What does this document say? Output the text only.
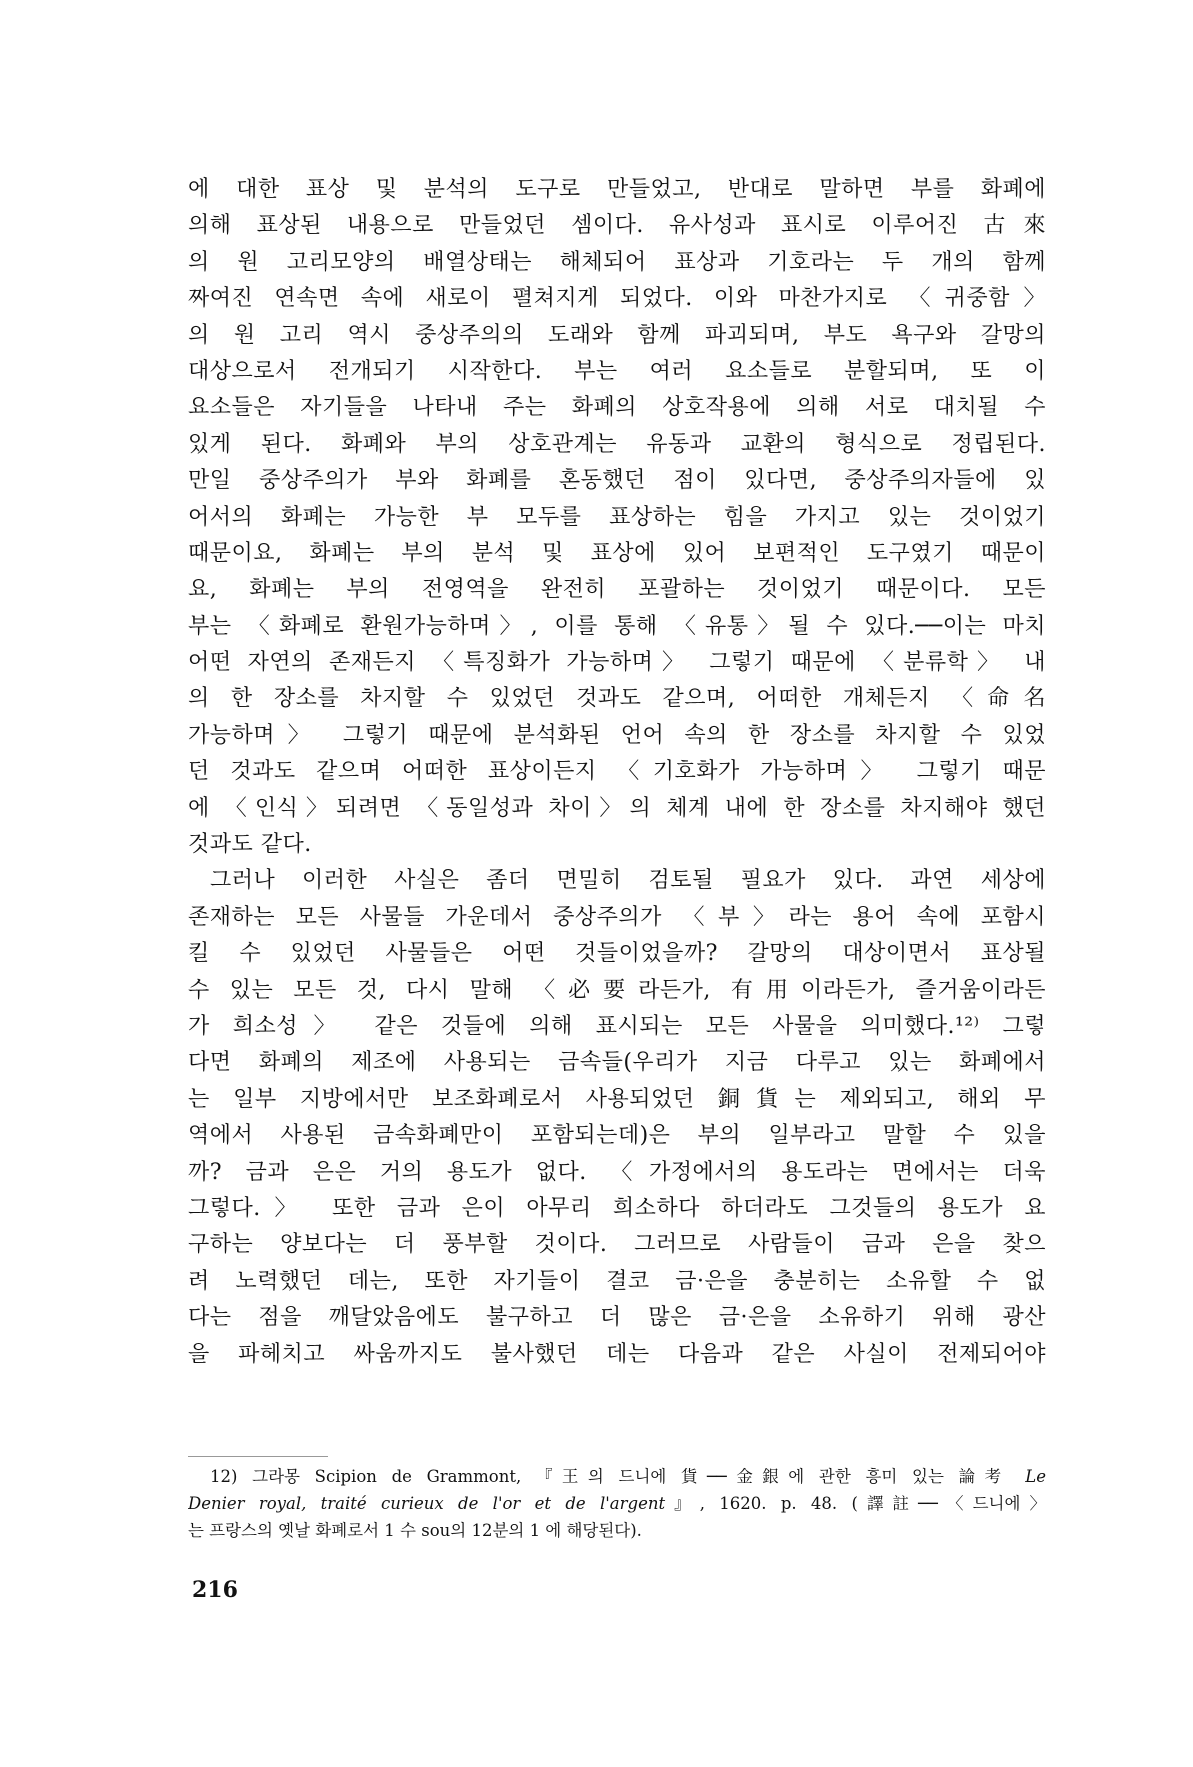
에 대한 표상 및 분석의 도구로 만들었고, 반대로 말하면 부를 화폐에
의해 표상된 내용으로 만들었던 셈이다. 유사성과 표시로 이루어진 古來
의 원 고리모양의 배열상태는 해체되어 표상과 기호라는 두 개의 함께
짜여진 연속면 속에 새로이 펼쳐지게 되었다. 이와 마찬가지로 〈귀중함〉
의 원 고리 역시 중상주의의 도래와 함께 파괴되며, 부도 욕구와 갈망의
대상으로서 전개되기 시작한다. 부는 여러 요소들로 분할되며, 또 이
요소들은 자기들을 나타내 주는 화폐의 상호작용에 의해 서로 대치될 수
있게 된다. 화폐와 부의 상호관계는 유동과 교환의 형식으로 정립된다.
만일 중상주의가 부와 화폐를 혼동했던 점이 있다면, 중상주의자들에 있
어서의 화폐는 가능한 부 모두를 표상하는 힘을 가지고 있는 것이었기
때문이요, 화폐는 부의 분석 및 표상에 있어 보편적인 도구였기 때문이
요, 화폐는 부의 전영역을 완전히 포괄하는 것이었기 때문이다. 모든
부는 〈화폐로 환원가능하며〉, 이를 통해 〈유통〉될 수 있다.──이는 마치
어떤 자연의 존재든지 〈특징화가 가능하며〉 그렇기 때문에 〈분류학〉 내
의 한 장소를 차지할 수 있었던 것과도 같으며, 어떠한 개체든지 〈命名
가능하며〉 그렇기 때문에 분석화된 언어 속의 한 장소를 차지할 수 있었
던 것과도 같으며 어떠한 표상이든지 〈기호화가 가능하며〉 그렇기 때문
에 〈인식〉되려면 〈동일성과 차이〉의 체계 내에 한 장소를 차지해야 했던
것과도 같다.
그러나 이러한 사실은 좀더 면밀히 검토될 필요가 있다. 과연 세상에
존재하는 모든 사물들 가운데서 중상주의가 〈부〉라는 용어 속에 포함시
킬 수 있었던 사물들은 어떤 것들이었을까? 갈망의 대상이면서 표상될
수 있는 모든 것, 다시 말해 〈必要라든가, 有用이라든가, 즐거움이라든
가 희소성〉 같은 것들에 의해 표시되는 모든 사물을 의미했다.¹²⁾ 그렇
다면 화폐의 제조에 사용되는 금속들(우리가 지금 다루고 있는 화폐에서
는 일부 지방에서만 보조화폐로서 사용되었던 銅貨는 제외되고, 해외 무
역에서 사용된 금속화폐만이 포함되는데)은 부의 일부라고 말할 수 있을
까? 금과 은은 거의 용도가 없다. 〈가정에서의 용도라는 면에서는 더욱
그렇다.〉 또한 금과 은이 아무리 희소하다 하더라도 그것들의 용도가 요
구하는 양보다는 더 풍부할 것이다. 그러므로 사람들이 금과 은을 찾으
려 노력했던 데는, 또한 자기들이 결코 금·은을 충분히는 소유할 수 없
다는 점을 깨달았음에도 불구하고 더 많은 금·은을 소유하기 위해 광산
을 파헤치고 싸움까지도 불사했던 데는 다음과 같은 사실이 전제되어야
12) 그라몽 Scipion de Grammont, 『王의 드니에 貨──金銀에 관한 흥미 있는 論考 Le
Denier royal, traité curieux de l'or et de l'argent』, 1620. p. 48. (譯註──〈드니에〉
는 프랑스의 옛날 화폐로서 1 수 sou의 12분의 1 에 해당된다).
216
